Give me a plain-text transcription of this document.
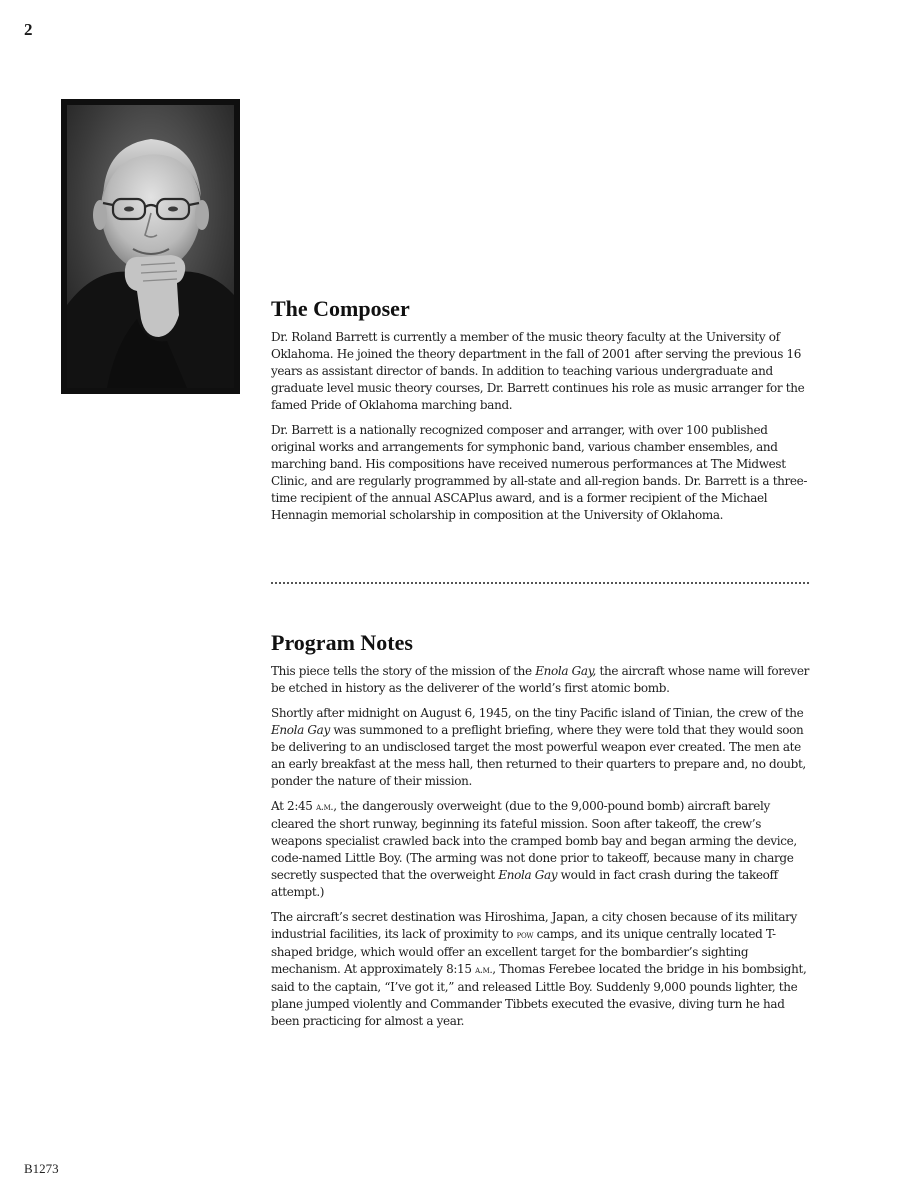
2
The Composer

Dr. Roland Barrett is currently a member of the music theory faculty at the University of Oklahoma. He joined the theory department in the fall of 2001 after serving the previous 16 years as assistant director of bands. In addition to teaching various undergraduate and graduate level music theory courses, Dr. Barrett continues his role as music arranger for the famed Pride of Oklahoma marching band.

Dr. Barrett is a nationally recognized composer and arranger, with over 100 published original works and arrangements for symphonic band, various chamber ensembles, and marching band. His compositions have received numerous performances at The Midwest Clinic, and are regularly programmed by all-state and all-region bands. Dr. Barrett is a three-time recipient of the annual ASCAPlus award, and is a former recipient of the Michael Hennagin memorial scholarship in composition at the University of Oklahoma.

Program Notes

This piece tells the story of the mission of the Enola Gay, the aircraft whose name will forever be etched in history as the deliverer of the world’s first atomic bomb.

Shortly after midnight on August 6, 1945, on the tiny Pacific island of Tinian, the crew of the Enola Gay was summoned to a preflight briefing, where they were told that they would soon be delivering to an undisclosed target the most powerful weapon ever created. The men ate an early breakfast at the mess hall, then returned to their quarters to prepare and, no doubt, ponder the nature of their mission.

At 2:45 a.m., the dangerously overweight (due to the 9,000-pound bomb) aircraft barely cleared the short runway, beginning its fateful mission. Soon after takeoff, the crew’s weapons specialist crawled back into the cramped bomb bay and began arming the device, code-named Little Boy. (The arming was not done prior to takeoff, because many in charge secretly suspected that the overweight Enola Gay would in fact crash during the takeoff attempt.)

The aircraft’s secret destination was Hiroshima, Japan, a city chosen because of its military industrial facilities, its lack of proximity to pow camps, and its unique centrally located T-shaped bridge, which would offer an excellent target for the bombardier’s sighting mechanism. At approximately 8:15 a.m., Thomas Ferebee located the bridge in his bombsight, said to the captain, “I’ve got it,” and released Little Boy. Suddenly 9,000 pounds lighter, the plane jumped violently and Commander Tibbets executed the evasive, diving turn he had been practicing for almost a year.

B1273
